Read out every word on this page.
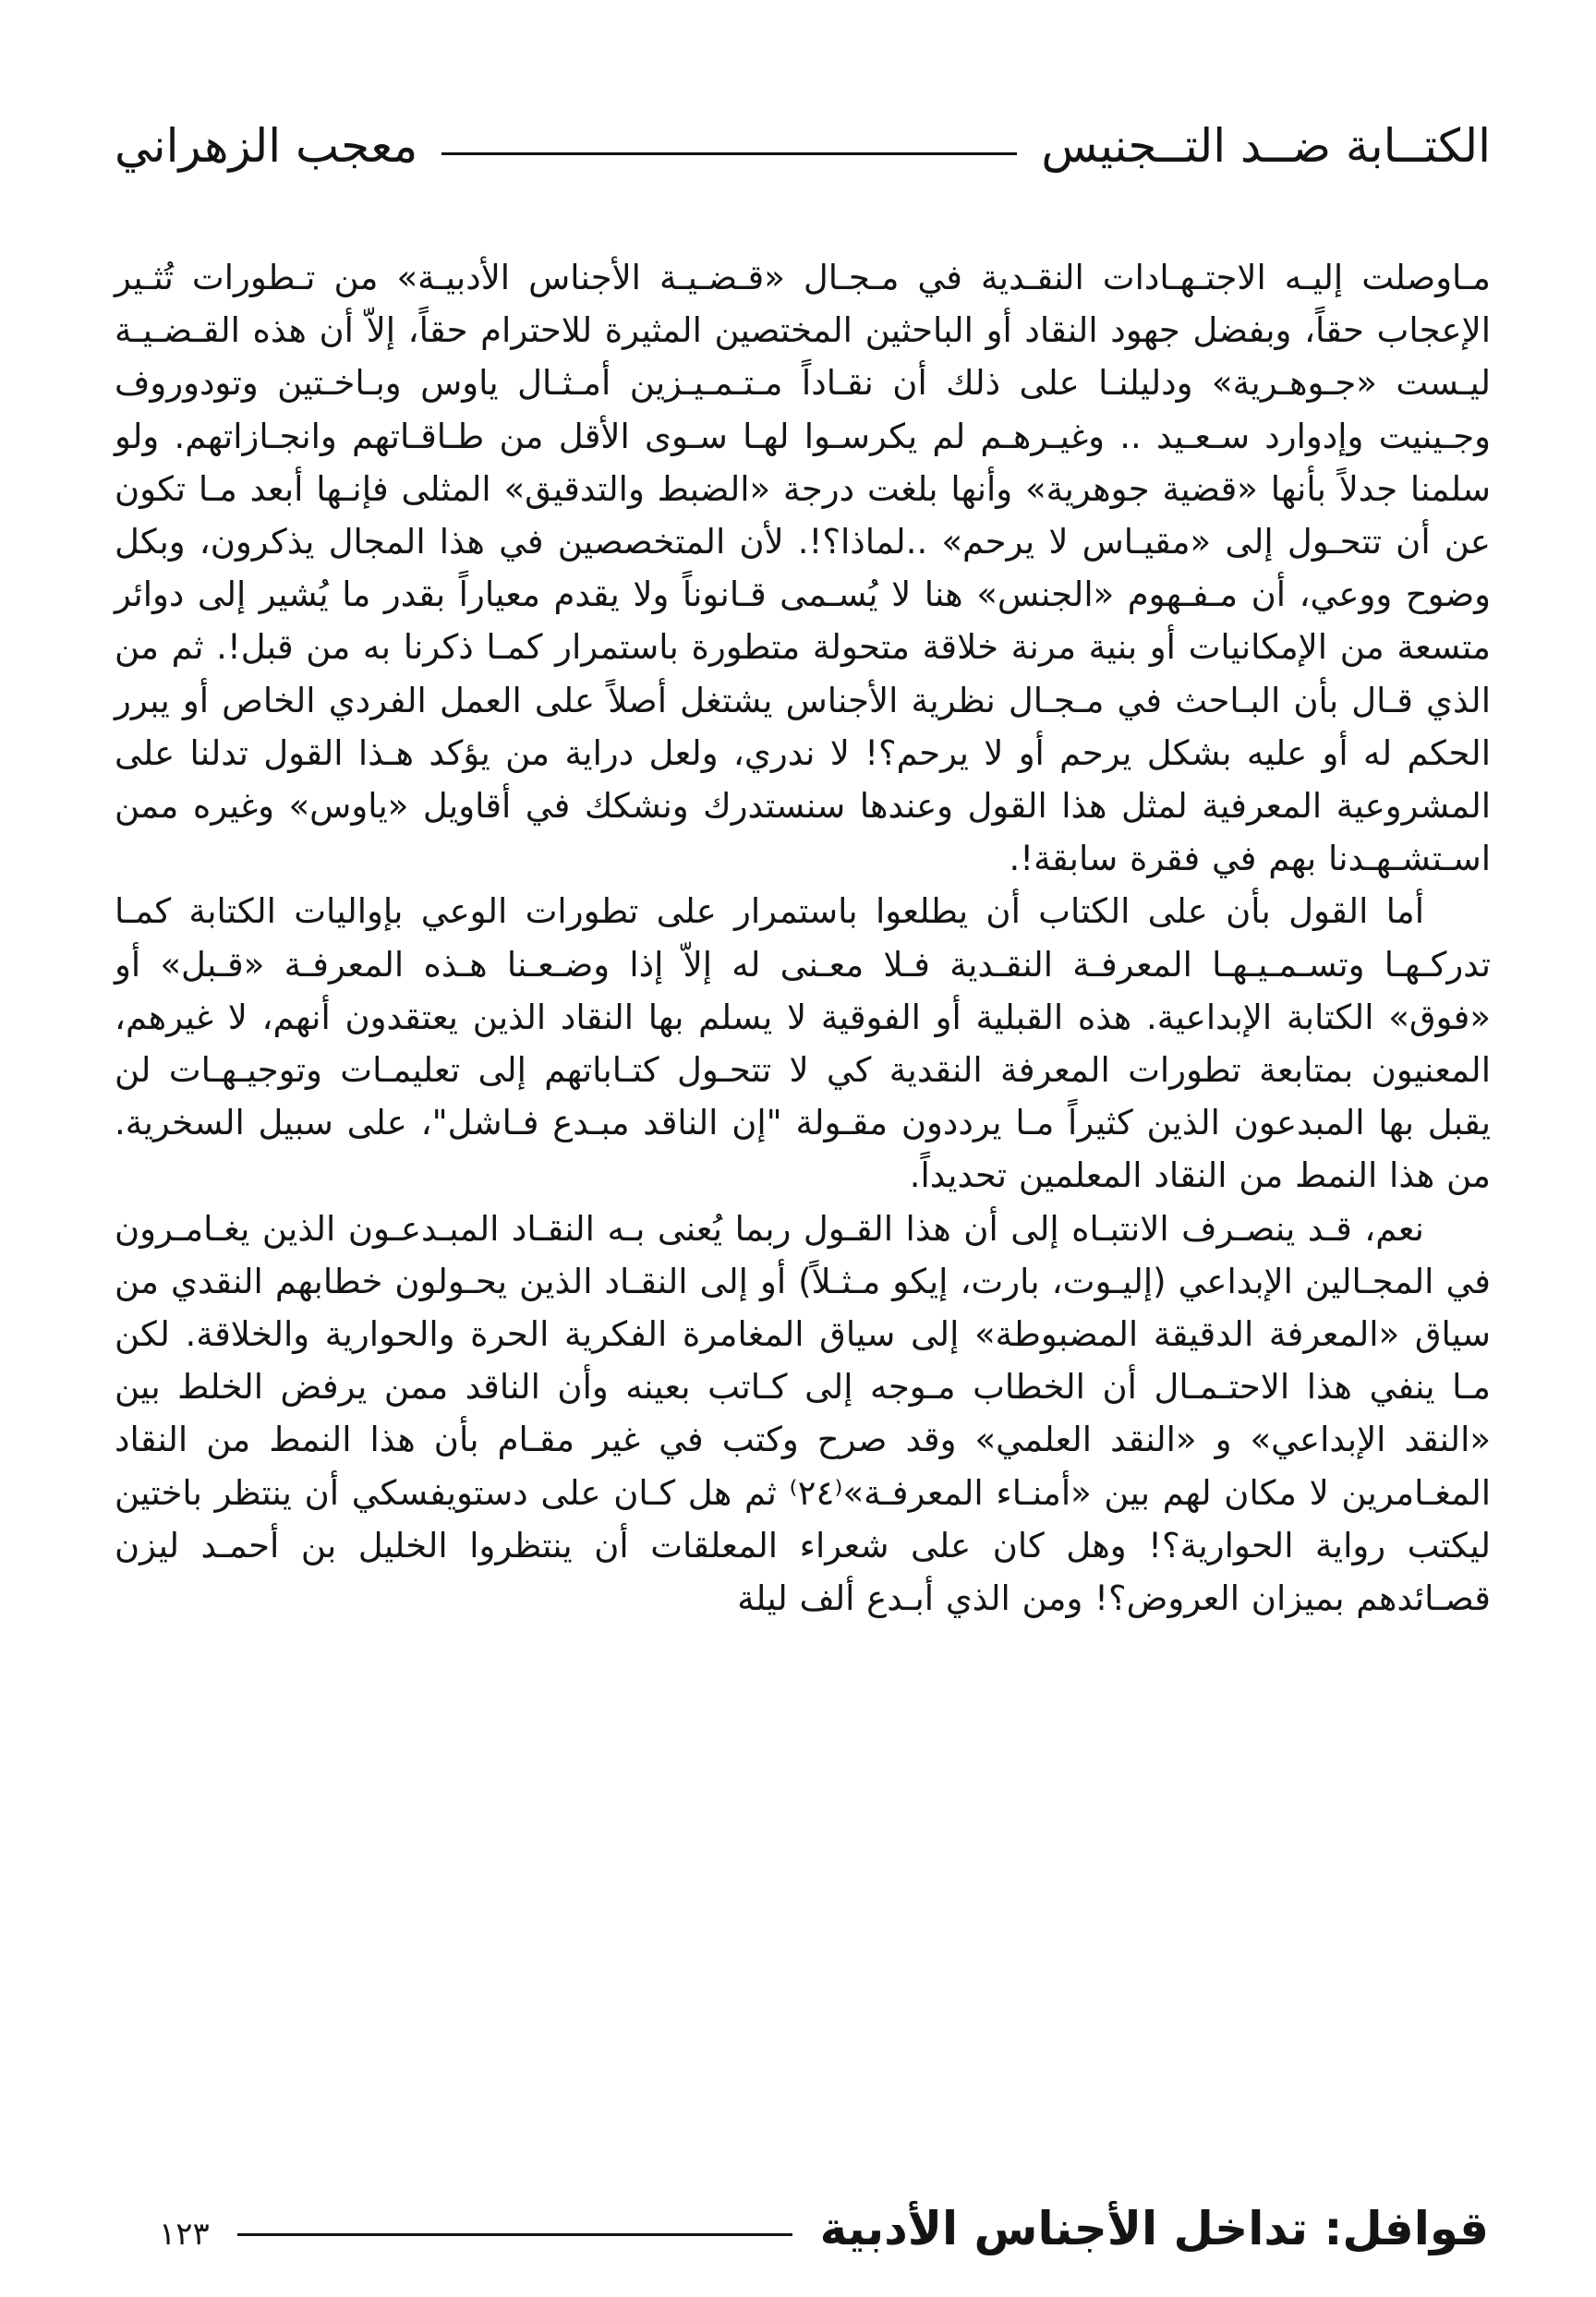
الكتــابة ضــد التــجنيس
معجب الزهراني

مـاوصلت إليـه الاجتـهـادات النقـدية في مـجـال «قـضـيـة الأجناس الأدبيـة» من تـطورات تُثـير الإعجاب حقاً، وبفضل جهود النقاد أو الباحثين المختصين المثيرة للاحترام حقاً، إلاّ أن هذه القـضـيـة ليـست «جـوهـرية» ودليلنـا على ذلك أن نقـاداً مـتـمـيـزين أمـثـال ياوس وبـاخـتين وتودوروف وجـينيت وإدوارد سـعـيد .. وغيـرهـم لم يكرسـوا لهـا سـوى الأقل من طـاقـاتهم وانجـازاتهم. ولو سلمنا جدلاً بأنها «قضية جوهرية» وأنها بلغت درجة «الضبط والتدقيق» المثلى فإنـها أبعد مـا تكون عن أن تتحـول إلى «مقيـاس لا يرحم» ..لماذا؟!. لأن المتخصصين في هذا المجال يذكرون، وبكل وضوح ووعي، أن مـفـهوم «الجنس» هنا لا يُسـمى قـانوناً ولا يقدم معياراً بقدر ما يُشير إلى دوائر متسعة من الإمكانيات أو بنية مرنة خلاقة متحولة متطورة باستمرار كمـا ذكرنا به من قبل!. ثم من الذي قـال بأن البـاحث في مـجـال نظرية الأجناس يشتغل أصلاً على العمل الفردي الخاص أو يبرر الحكم له أو عليه بشكل يرحم أو لا يرحم؟! لا ندري، ولعل دراية من يؤكد هـذا القول تدلنا على المشروعية المعرفية لمثل هذا القول وعندها سنستدرك ونشكك في أقاويل «ياوس» وغيره ممن اسـتشـهـدنا بهم في فقرة سابقة!.

أما القول بأن على الكتاب أن يطلعوا باستمرار على تطورات الوعي بإواليات الكتابة كمـا تدركـهـا وتسـمـيـهـا المعرفـة النقـدية فـلا معـنى له إلاّ إذا وضـعـنا هـذه المعرفـة «قـبل» أو «فوق» الكتابة الإبداعية. هذه القبلية أو الفوقية لا يسلم بها النقاد الذين يعتقدون أنهم، لا غيرهم، المعنيون بمتابعة تطورات المعرفة النقدية كي لا تتحـول كتـاباتهم إلى تعليمـات وتوجيـهـات لن يقبل بها المبدعون الذين كثيراً مـا يرددون مقـولة "إن الناقد مبـدع فـاشل"، على سبيل السخرية. من هذا النمط من النقاد المعلمين تحديداً.

نعم، قـد ينصـرف الانتبـاه إلى أن هذا القـول ربما يُعنى بـه النقـاد المبـدعـون الذين يغـامـرون في المجـالين الإبداعي (إليـوت، بارت، إيكو مـثـلاً) أو إلى النقـاد الذين يحـولون خطابهم النقدي من سياق «المعرفة الدقيقة المضبوطة» إلى سياق المغامرة الفكرية الحرة والحوارية والخلاقة. لكن مـا ينفي هذا الاحتـمـال أن الخطاب مـوجه إلى كـاتب بعينه وأن الناقد ممن يرفض الخلط بين «النقد الإبداعي» و «النقد العلمي» وقد صرح وكتب في غير مقـام بأن هذا النمط من النقاد المغـامرين لا مكان لهم بين «أمنـاء المعرفـة»⁽٢٤⁾ ثم هل كـان على دستويفسكي أن ينتظر باختين ليكتب رواية الحوارية؟! وهل كان على شعراء المعلقات أن ينتظروا الخليل بن أحمـد ليزن قصـائدهم بميزان العروض؟! ومن الذي أبـدع ألف ليلة

قوافل: تداخل الأجناس الأدبية
١٢٣
